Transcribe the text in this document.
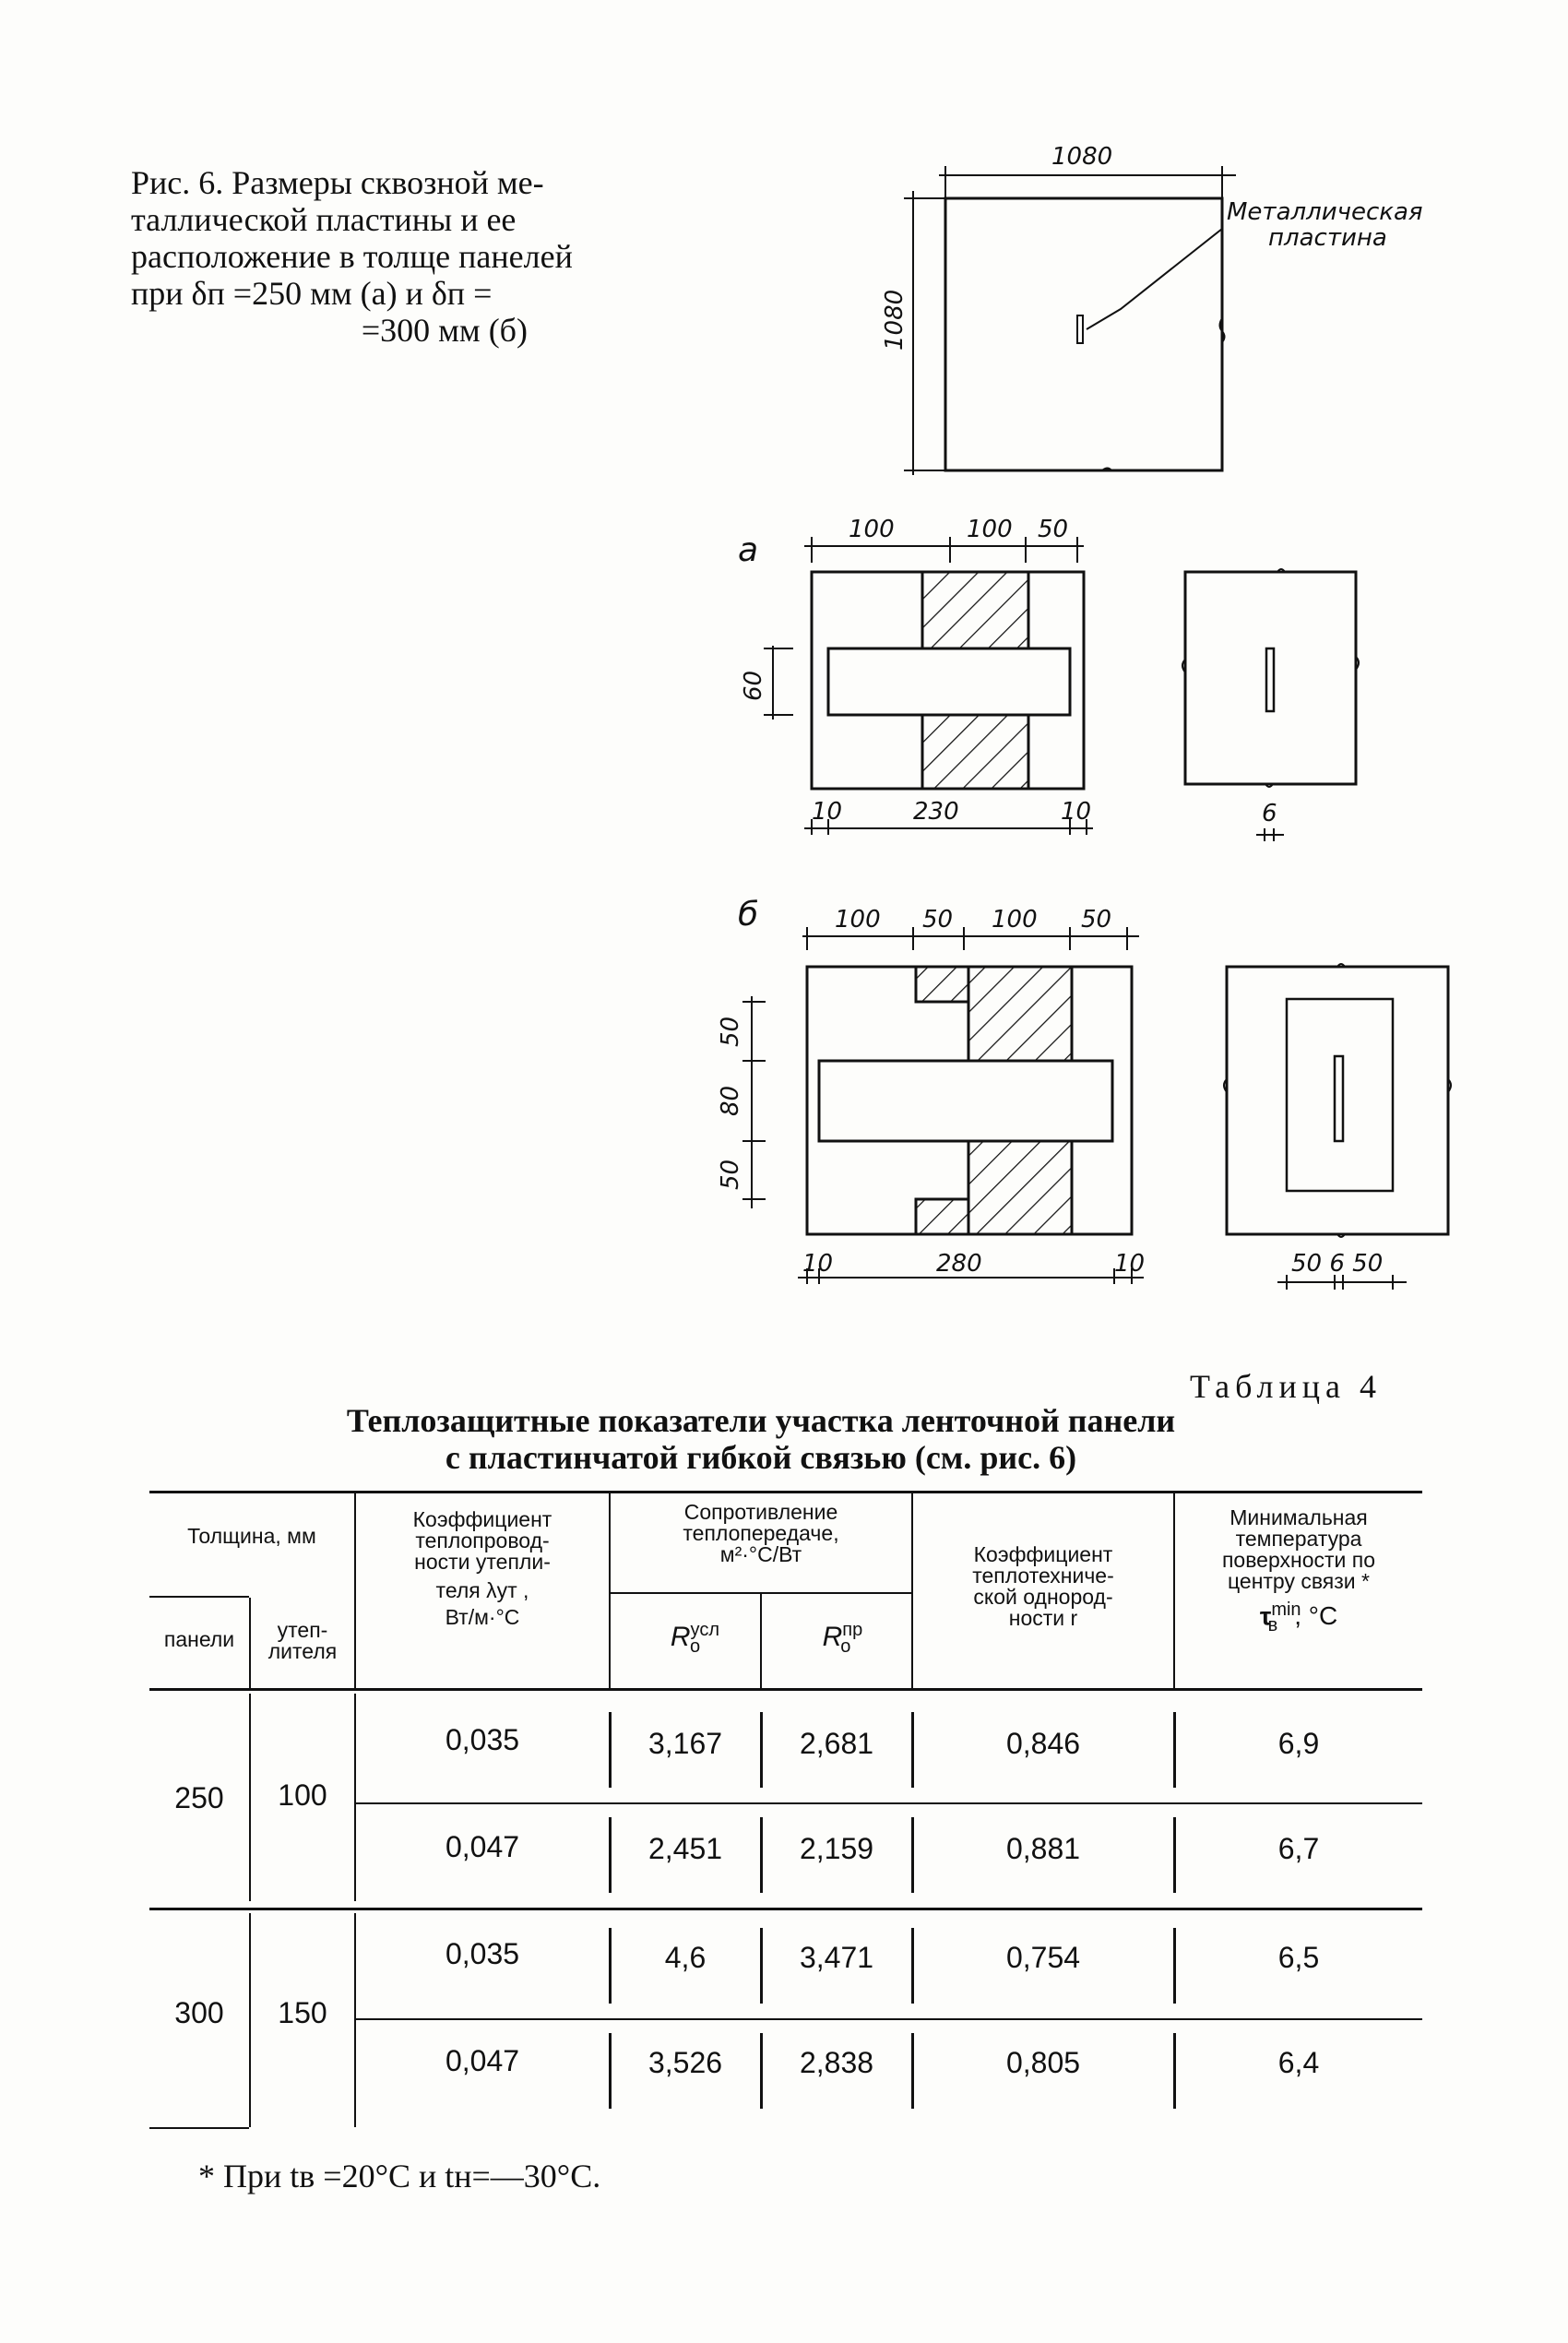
Рис. 6. Размеры сквозной ме-
таллической пластины и ее
расположение в толще панелей
при δп =250 мм (а) и δп =
=300 мм (б)
1080
1080
Металлическая
пластина
а
100	100 50
60
10	230	10	6
б	100 50 100 50
50
80
50
10	280	10	50 6 50
Таблица 4
Теплозащитные показатели участка ленточной панели
с пластинчатой гибкой связью (см. рис. 6)
Толщина, мм
панели	утеп-
лителя
Коэффициент
теплопровод-
ности утепли-
теля λут ,
Вт/м·°С
Сопротивление
теплопередаче,
м²·°С/Вт
$R^{усл}_о$	$R^{пр}_о$
Коэффициент
теплотехниче-
ской однород-
ности r
Минимальная
температура
поверхности по
центру связи *
$\tau^{min}_в$ , °С
250	100
0,035	3,167	2,681	0,846	6,9
0,047	2,451	2,159	0,881	6,7
300	150
0,035	4,6	3,471	0,754	6,5
0,047	3,526	2,838	0,805	6,4
* При tв =20°С и tн=—30°С.
